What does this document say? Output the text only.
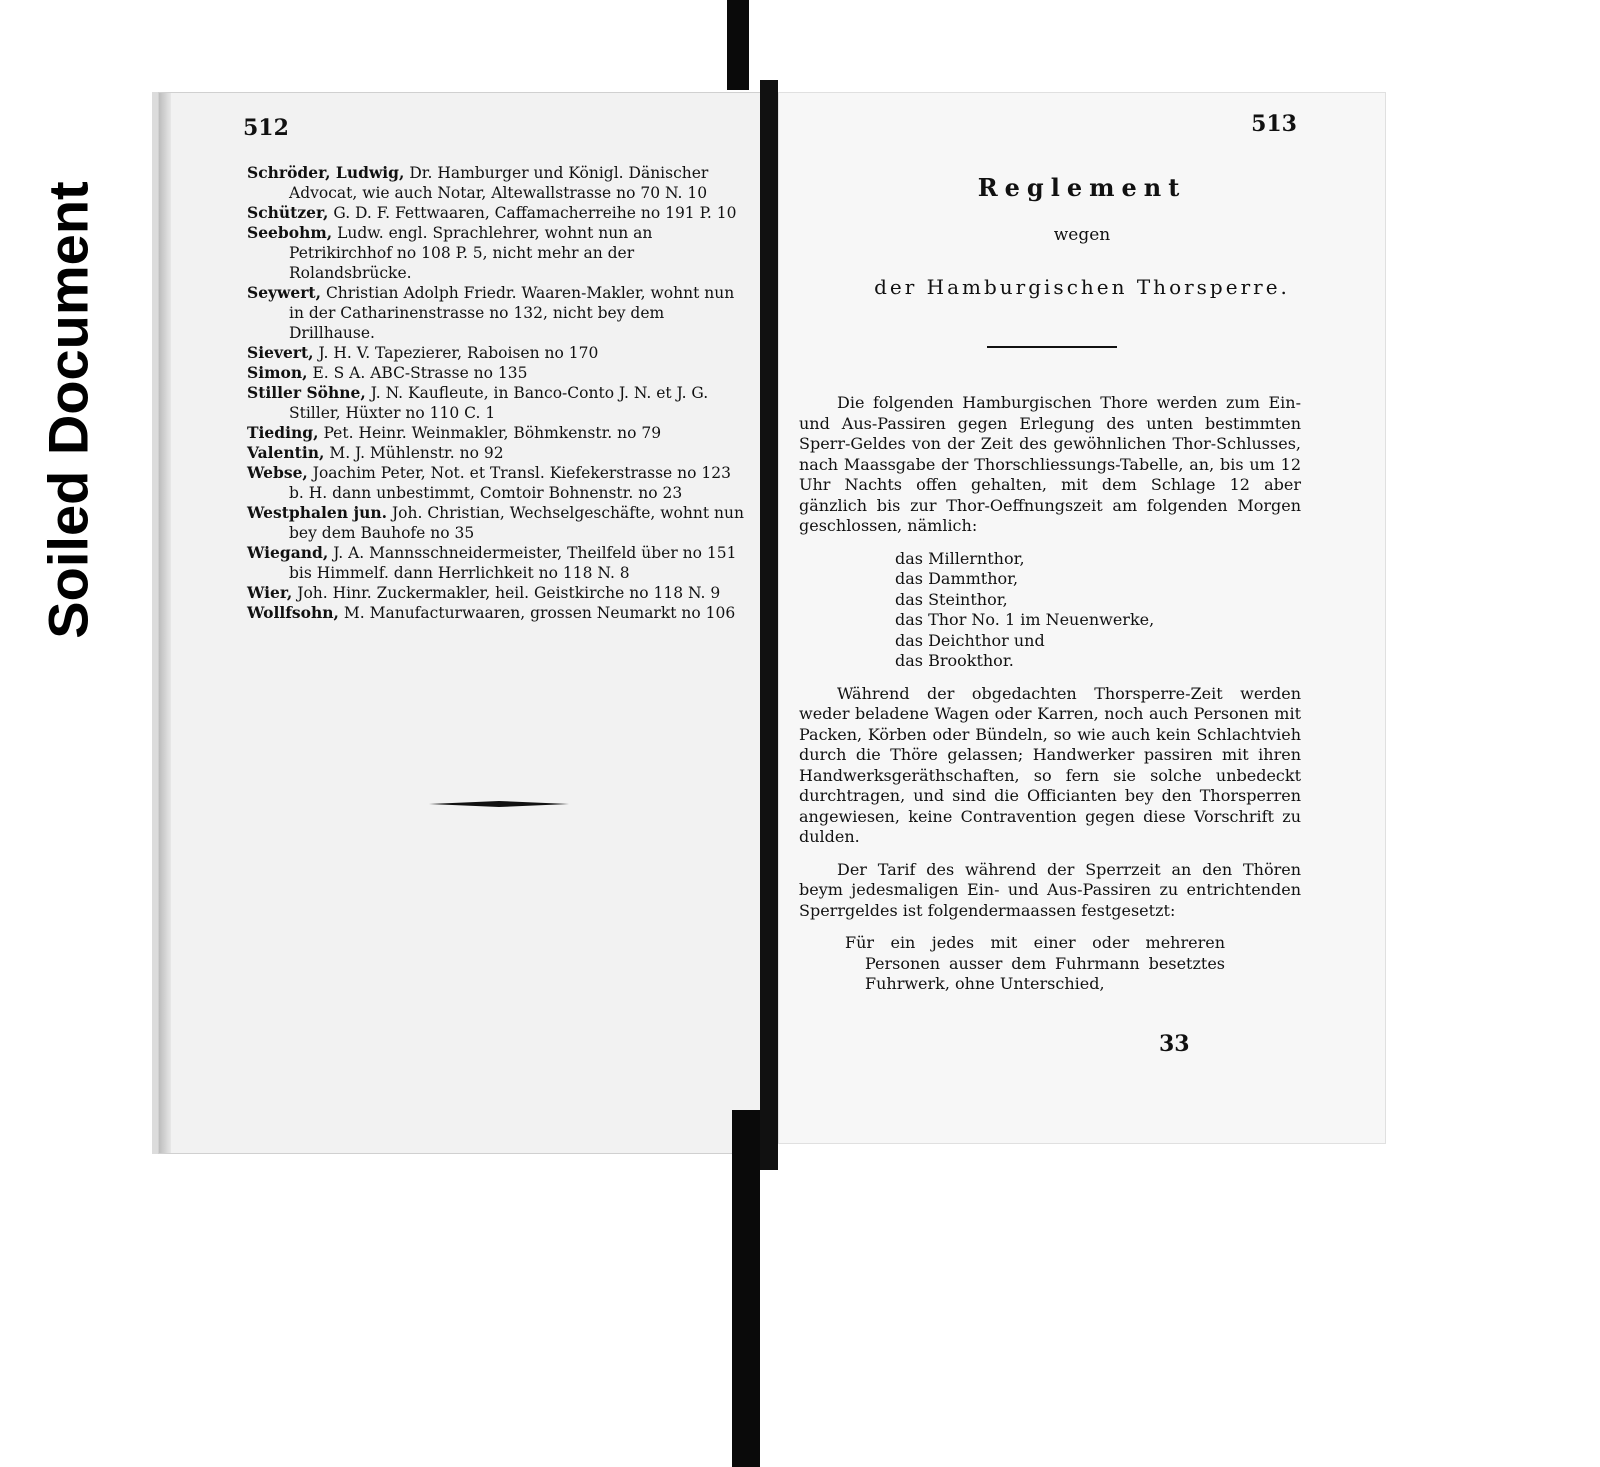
Soiled Document
512

Schröder, Ludwig, Dr. Hamburger und Königl. Dänischer Advocat, wie auch Notar, Altewallstrasse no 70 N. 10

Schützer, G. D. F. Fettwaaren, Caffamacherreihe no 191 P. 10

Seebohm, Ludw. engl. Sprachlehrer, wohnt nun an Petrikirchhof no 108 P. 5, nicht mehr an der Rolandsbrücke.

Seywert, Christian Adolph Friedr. Waaren-Makler, wohnt nun in der Catharinenstrasse no 132, nicht bey dem Drillhause.

Sievert, J. H. V. Tapezierer, Raboisen no 170

Simon, E. S A. ABC-Strasse no 135

Stiller Söhne, J. N. Kaufleute, in Banco-Conto J. N. et J. G. Stiller, Hüxter no 110 C. 1

Tieding, Pet. Heinr. Weinmakler, Böhmkenstr. no 79

Valentin, M. J. Mühlenstr. no 92

Webse, Joachim Peter, Not. et Transl. Kiefekerstrasse no 123 b. H. dann unbestimmt, Comtoir Bohnenstr. no 23

Westphalen jun. Joh. Christian, Wechselgeschäfte, wohnt nun bey dem Bauhofe no 35

Wiegand, J. A. Mannsschneidermeister, Theilfeld über no 151 bis Himmelf. dann Herrlichkeit no 118 N. 8

Wier, Joh. Hinr. Zuckermakler, heil. Geistkirche no 118 N. 9

Wollfsohn, M. Manufacturwaaren, grossen Neumarkt no 106

513
Reglement
wegen
der Hamburgischen Thorsperre.

Die folgenden Hamburgischen Thore werden zum Ein- und Aus-Passiren gegen Erlegung des unten bestimmten Sperr-Geldes von der Zeit des gewöhnlichen Thor-Schlusses, nach Maassgabe der Thorschliessungs-Tabelle, an, bis um 12 Uhr Nachts offen gehalten, mit dem Schlage 12 aber gänzlich bis zur Thor-Oeffnungszeit am folgenden Morgen geschlossen, nämlich:

das Millernthor,
das Dammthor,
das Steinthor,
das Thor No. 1 im Neuenwerke,
das Deichthor und
das Brookthor.

Während der obgedachten Thorsperre-Zeit werden weder beladene Wagen oder Karren, noch auch Personen mit Packen, Körben oder Bündeln, so wie auch kein Schlachtvieh durch die Thöre gelassen; Handwerker passiren mit ihren Handwerksgeräthschaften, so fern sie solche unbedeckt durchtragen, und sind die Officianten bey den Thorsperren angewiesen, keine Contravention gegen diese Vorschrift zu dulden.

Der Tarif des während der Sperrzeit an den Thören beym jedesmaligen Ein- und Aus-Passiren zu entrichtenden Sperrgeldes ist folgendermaassen festgesetzt:

Für ein jedes mit einer oder mehreren Personen ausser dem Fuhrmann besetztes Fuhrwerk, ohne Unterschied,

33
